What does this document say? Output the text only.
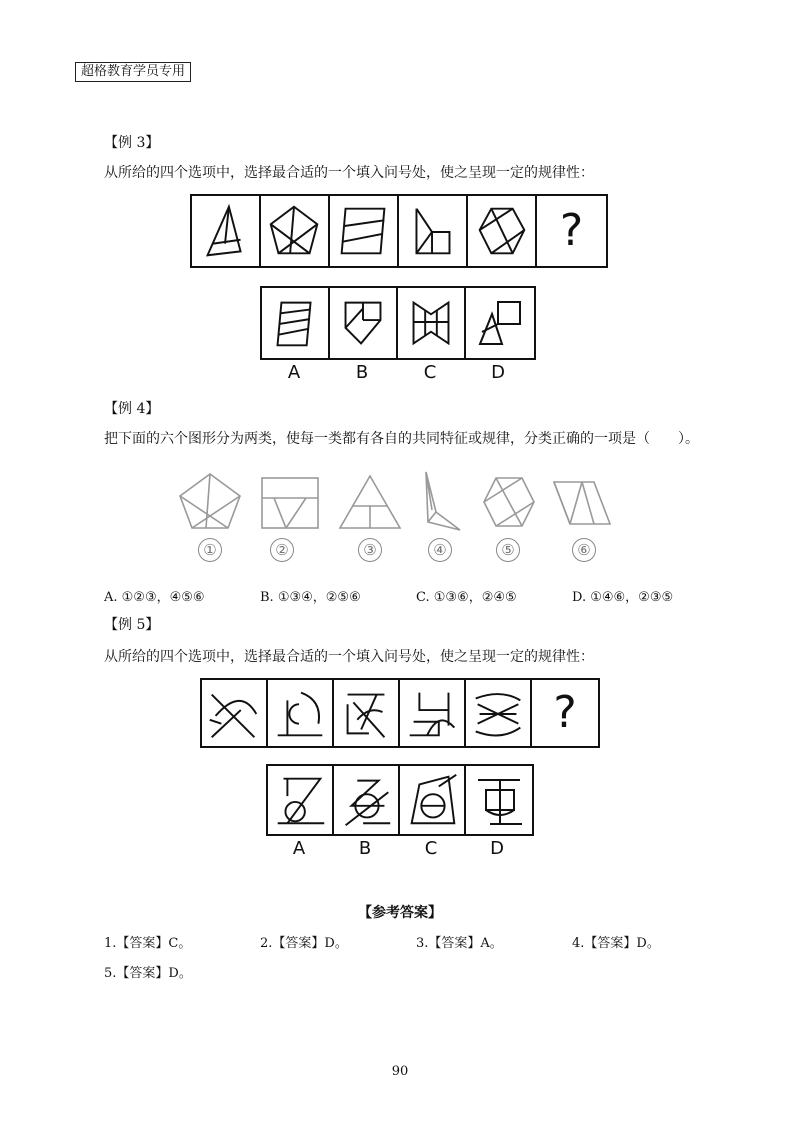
超格教育学员专用
【例 3】
从所给的四个选项中，选择最合适的一个填入问号处，使之呈现一定的规律性：
?
A	B	C	D
【例 4】
把下面的六个图形分为两类，使每一类都有各自的共同特征或规律，分类正确的一项是（　　）。
①	②	③	④	⑤	⑥
A. ①②③，④⑤⑥	B. ①③④，②⑤⑥	C. ①③⑥，②④⑤	D. ①④⑥，②③⑤
【例 5】
从所给的四个选项中，选择最合适的一个填入问号处，使之呈现一定的规律性：
?
A	B	C	D
【参考答案】
1.【答案】C。	2.【答案】D。	3.【答案】A。	4.【答案】D。
5.【答案】D。
90
